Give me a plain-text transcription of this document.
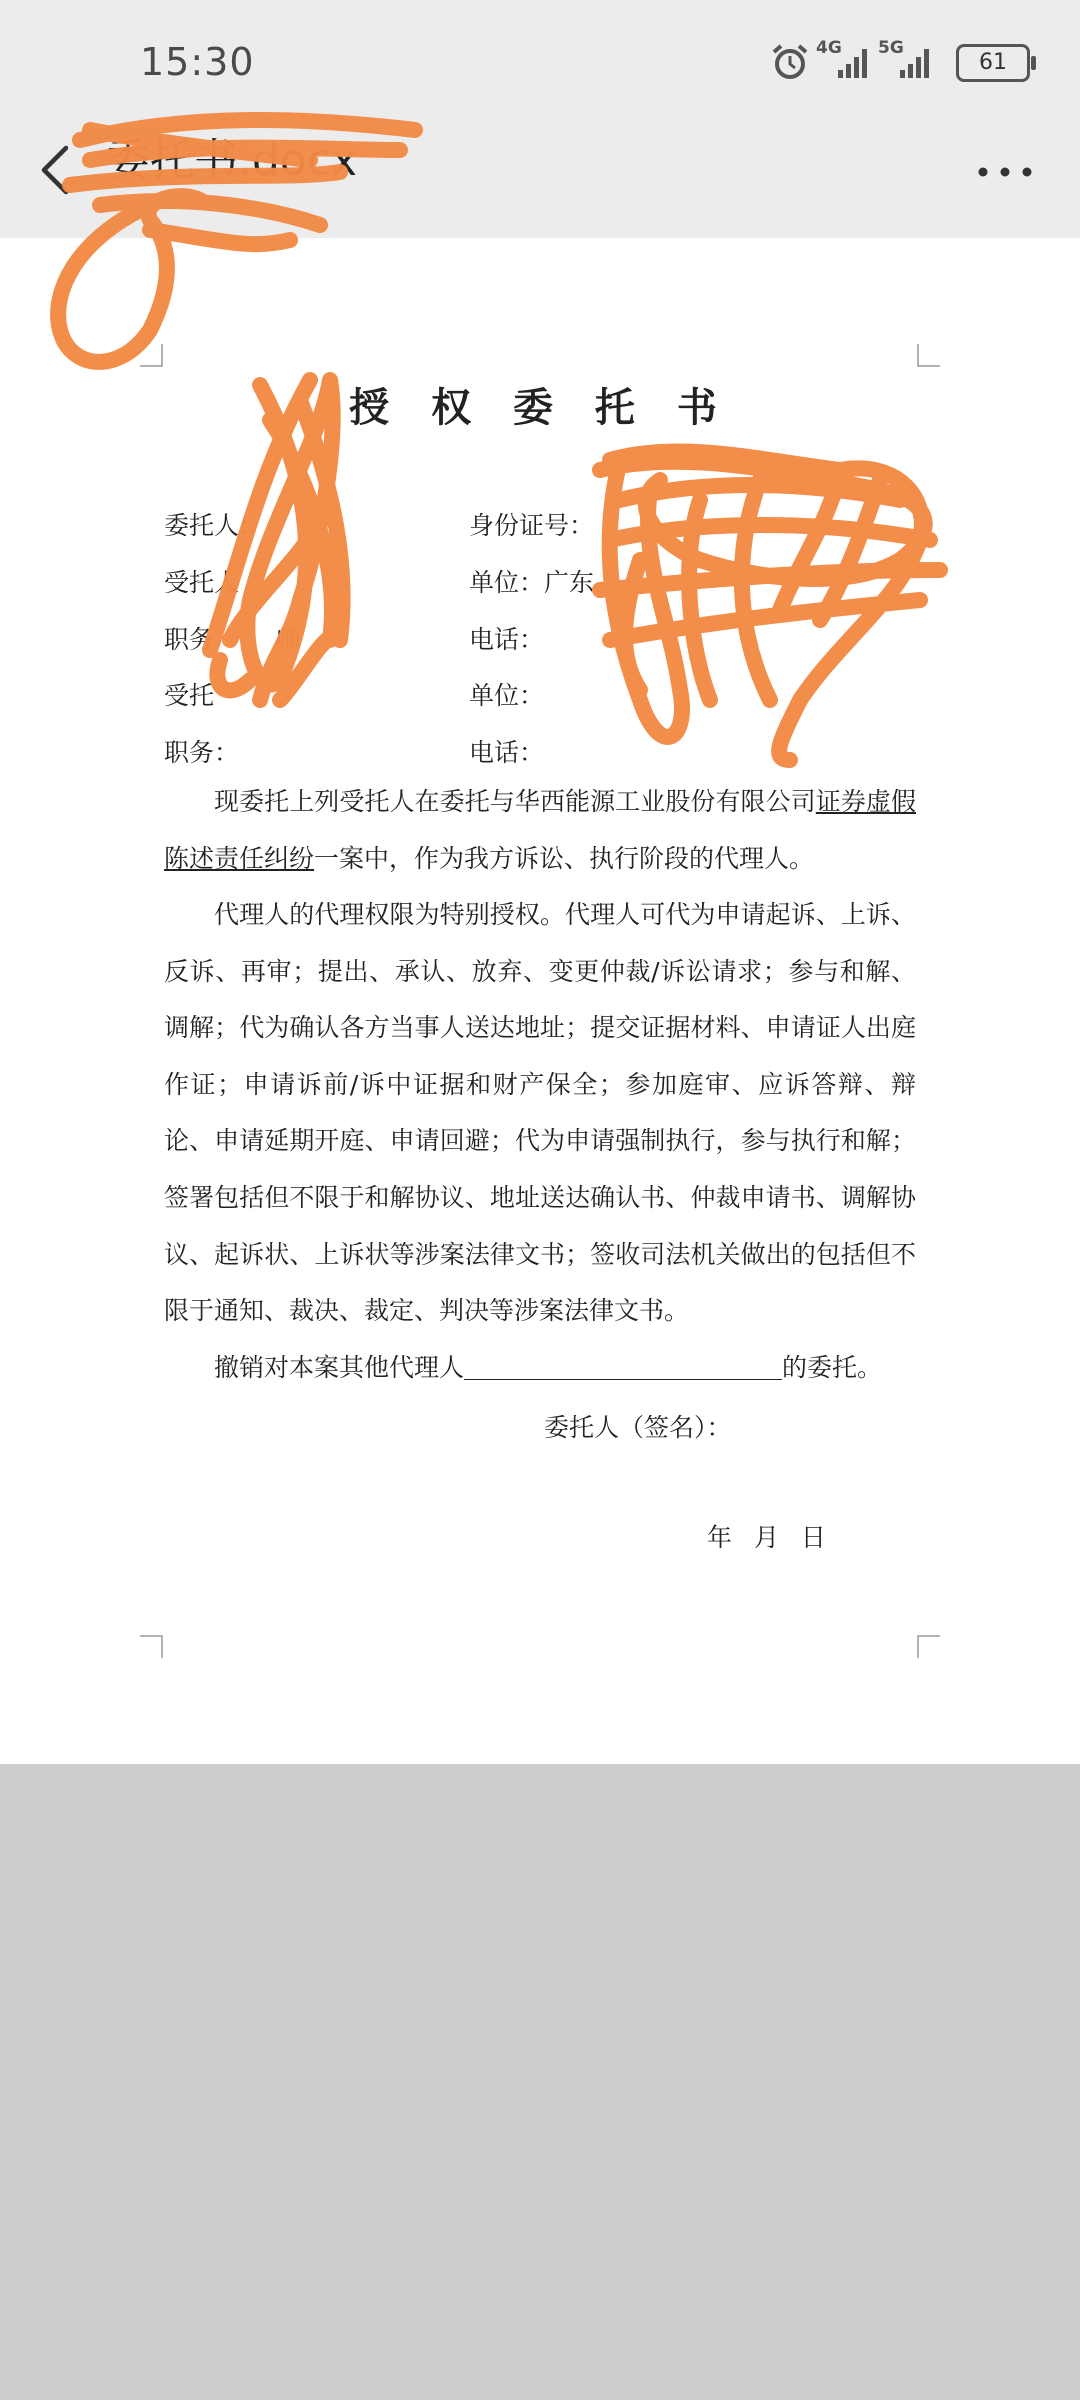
15:30	4G 5G
61
委托书.docx
授 权 委 托 书
委托人：	身份证号：
受托人	单位：广东
职务 师	电话：
受托	单位：
职务：	电话：

现委托上列受托人在委托与华西能源工业股份有限公司证券虚假陈述责任纠纷一案中，作为我方诉讼、执行阶段的代理人。

代理人的代理权限为特别授权。代理人可代为申请起诉、上诉、反诉、再审；提出、承认、放弃、变更仲裁/诉讼请求；参与和解、调解；代为确认各方当事人送达地址；提交证据材料、申请证人出庭作证；申请诉前/诉中证据和财产保全；参加庭审、应诉答辩、辩论、申请延期开庭、申请回避；代为申请强制执行，参与执行和解；签署包括但不限于和解协议、地址送达确认书、仲裁申请书、调解协议、起诉状、上诉状等涉案法律文书；签收司法机关做出的包括但不限于通知、裁决、裁定、判决等涉案法律文书。

撤销对本案其他代理人	的委托。

委托人（签名）：
年 月 日
